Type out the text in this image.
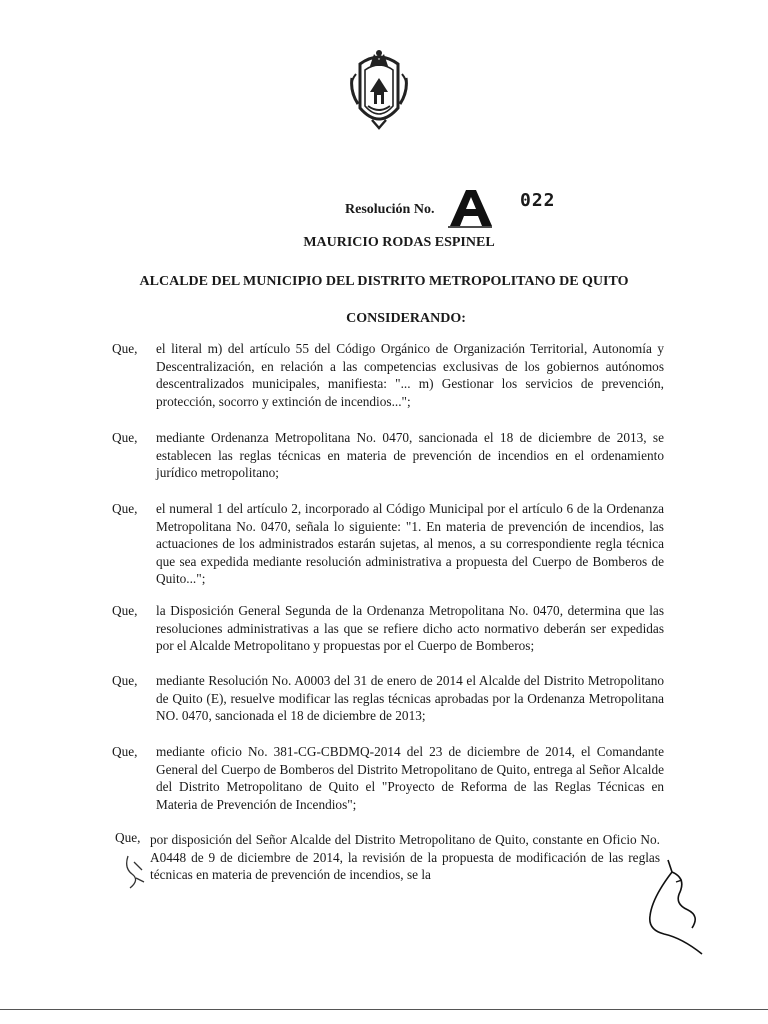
Resolución No.	022
MAURICIO RODAS ESPINEL
ALCALDE DEL MUNICIPIO DEL DISTRITO METROPOLITANO DE QUITO
CONSIDERANDO:
Que, el literal m) del artículo 55 del Código Orgánico de Organización Territorial, Autonomía y Descentralización, en relación a las competencias exclusivas de los gobiernos autónomos descentralizados municipales, manifiesta: "... m) Gestionar los servicios de prevención, protección, socorro y extinción de incendios...";
Que, mediante Ordenanza Metropolitana No. 0470, sancionada el 18 de diciembre de 2013, se establecen las reglas técnicas en materia de prevención de incendios en el ordenamiento jurídico metropolitano;
Que, el numeral 1 del artículo 2, incorporado al Código Municipal por el artículo 6 de la Ordenanza Metropolitana No. 0470, señala lo siguiente: "1. En materia de prevención de incendios, las actuaciones de los administrados estarán sujetas, al menos, a su correspondiente regla técnica que sea expedida mediante resolución administrativa a propuesta del Cuerpo de Bomberos de Quito...";
Que, la Disposición General Segunda de la Ordenanza Metropolitana No. 0470, determina que las resoluciones administrativas a las que se refiere dicho acto normativo deberán ser expedidas por el Alcalde Metropolitano y propuestas por el Cuerpo de Bomberos;
Que, mediante Resolución No. A0003 del 31 de enero de 2014 el Alcalde del Distrito Metropolitano de Quito (E), resuelve modificar las reglas técnicas aprobadas por la Ordenanza Metropolitana NO. 0470, sancionada el 18 de diciembre de 2013;
Que, mediante oficio No. 381-CG-CBDMQ-2014 del 23 de diciembre de 2014, el Comandante General del Cuerpo de Bomberos del Distrito Metropolitano de Quito, entrega al Señor Alcalde del Distrito Metropolitano de Quito el "Proyecto de Reforma de las Reglas Técnicas en Materia de Prevención de Incendios";
Que, por disposición del Señor Alcalde del Distrito Metropolitano de Quito, constante en Oficio No. A0448 de 9 de diciembre de 2014, la revisión de la propuesta de modificación de las reglas técnicas en materia de prevención de incendios, se la
